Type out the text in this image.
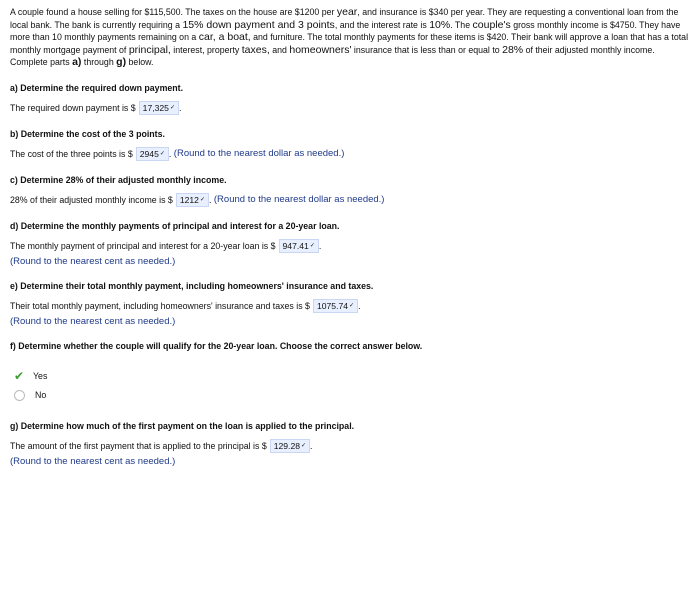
A couple found a house selling for $115,500. The taxes on the house are $1200 per year, and insurance is $340 per year. They are requesting a conventional loan from the local bank. The bank is currently requiring a 15% down payment and 3 points, and the interest rate is 10%. The couple's gross monthly income is $4750. They have more than 10 monthly payments remaining on a car, a boat, and furniture. The total monthly payments for these items is $420. Their bank will approve a loan that has a total monthly mortgage payment of principal, interest, property taxes, and homeowners' insurance that is less than or equal to 28% of their adjusted monthly income. Complete parts a) through g) below.

a) Determine the required down payment.

The required down payment is $ 17,325✓ .

b) Determine the cost of the 3 points.

The cost of the three points is $ 2945✓ . (Round to the nearest dollar as needed.)

c) Determine 28% of their adjusted monthly income.

28% of their adjusted monthly income is $ 1212✓ . (Round to the nearest dollar as needed.)

d) Determine the monthly payments of principal and interest for a 20-year loan.

The monthly payment of principal and interest for a 20-year loan is $ 947.41✓ .
(Round to the nearest cent as needed.)

e) Determine their total monthly payment, including homeowners' insurance and taxes.

Their total monthly payment, including homeowners' insurance and taxes is $ 1075.74✓ .
(Round to the nearest cent as needed.)

f) Determine whether the couple will qualify for the 20-year loan. Choose the correct answer below.

✔ Yes
No

g) Determine how much of the first payment on the loan is applied to the principal.

The amount of the first payment that is applied to the principal is $ 129.28✓ .
(Round to the nearest cent as needed.)
